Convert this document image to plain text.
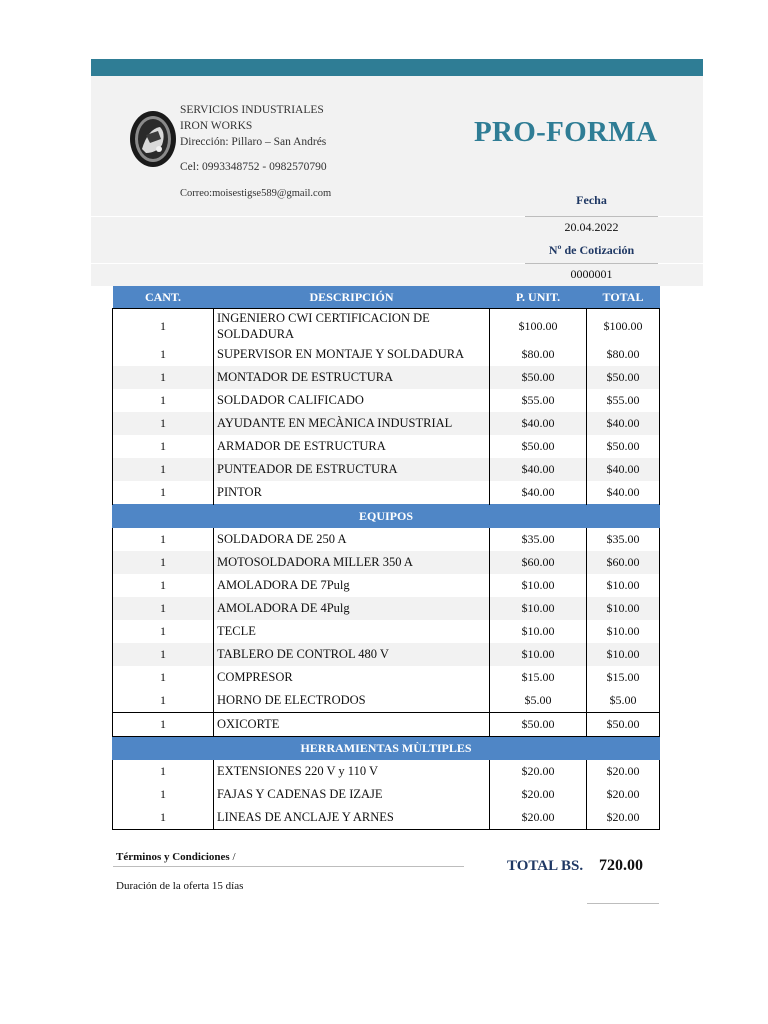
SERVICIOS INDUSTRIALES
IRON WORKS
Dirección: Pillaro – San Andrés
Cel: 0993348752 - 0982570790
Correo:moisestigse589@gmail.com
PRO-FORMA
Fecha
20.04.2022
Nº de Cotización
0000001
CANT.	DESCRIPCIÓN	P. UNIT.	TOTAL
1	INGENIERO CWI CERTIFICACION DE SOLDADURA	$100.00	$100.00
1	SUPERVISOR EN MONTAJE Y SOLDADURA	$80.00	$80.00
1	MONTADOR DE ESTRUCTURA	$50.00	$50.00
1	SOLDADOR CALIFICADO	$55.00	$55.00
1	AYUDANTE EN MECÀNICA INDUSTRIAL	$40.00	$40.00
1	ARMADOR DE ESTRUCTURA	$50.00	$50.00
1	PUNTEADOR DE ESTRUCTURA	$40.00	$40.00
1	PINTOR	$40.00	$40.00
EQUIPOS			
1	SOLDADORA DE 250 A	$35.00	$35.00
1	MOTOSOLDADORA MILLER 350 A	$60.00	$60.00
1	AMOLADORA DE 7Pulg	$10.00	$10.00
1	AMOLADORA DE 4Pulg	$10.00	$10.00
1	TECLE	$10.00	$10.00
1	TABLERO DE CONTROL 480 V	$10.00	$10.00
1	COMPRESOR	$15.00	$15.00
1	HORNO DE ELECTRODOS	$5.00	$5.00
1	OXICORTE	$50.00	$50.00
HERRAMIENTAS MÙLTIPLES			
1	EXTENSIONES 220 V y 110 V	$20.00	$20.00
1	FAJAS Y CADENAS DE IZAJE	$20.00	$20.00
1	LINEAS DE ANCLAJE Y ARNES	$20.00	$20.00
Términos y Condiciones /
Duración de la oferta 15 días
TOTAL BS. 720.00
